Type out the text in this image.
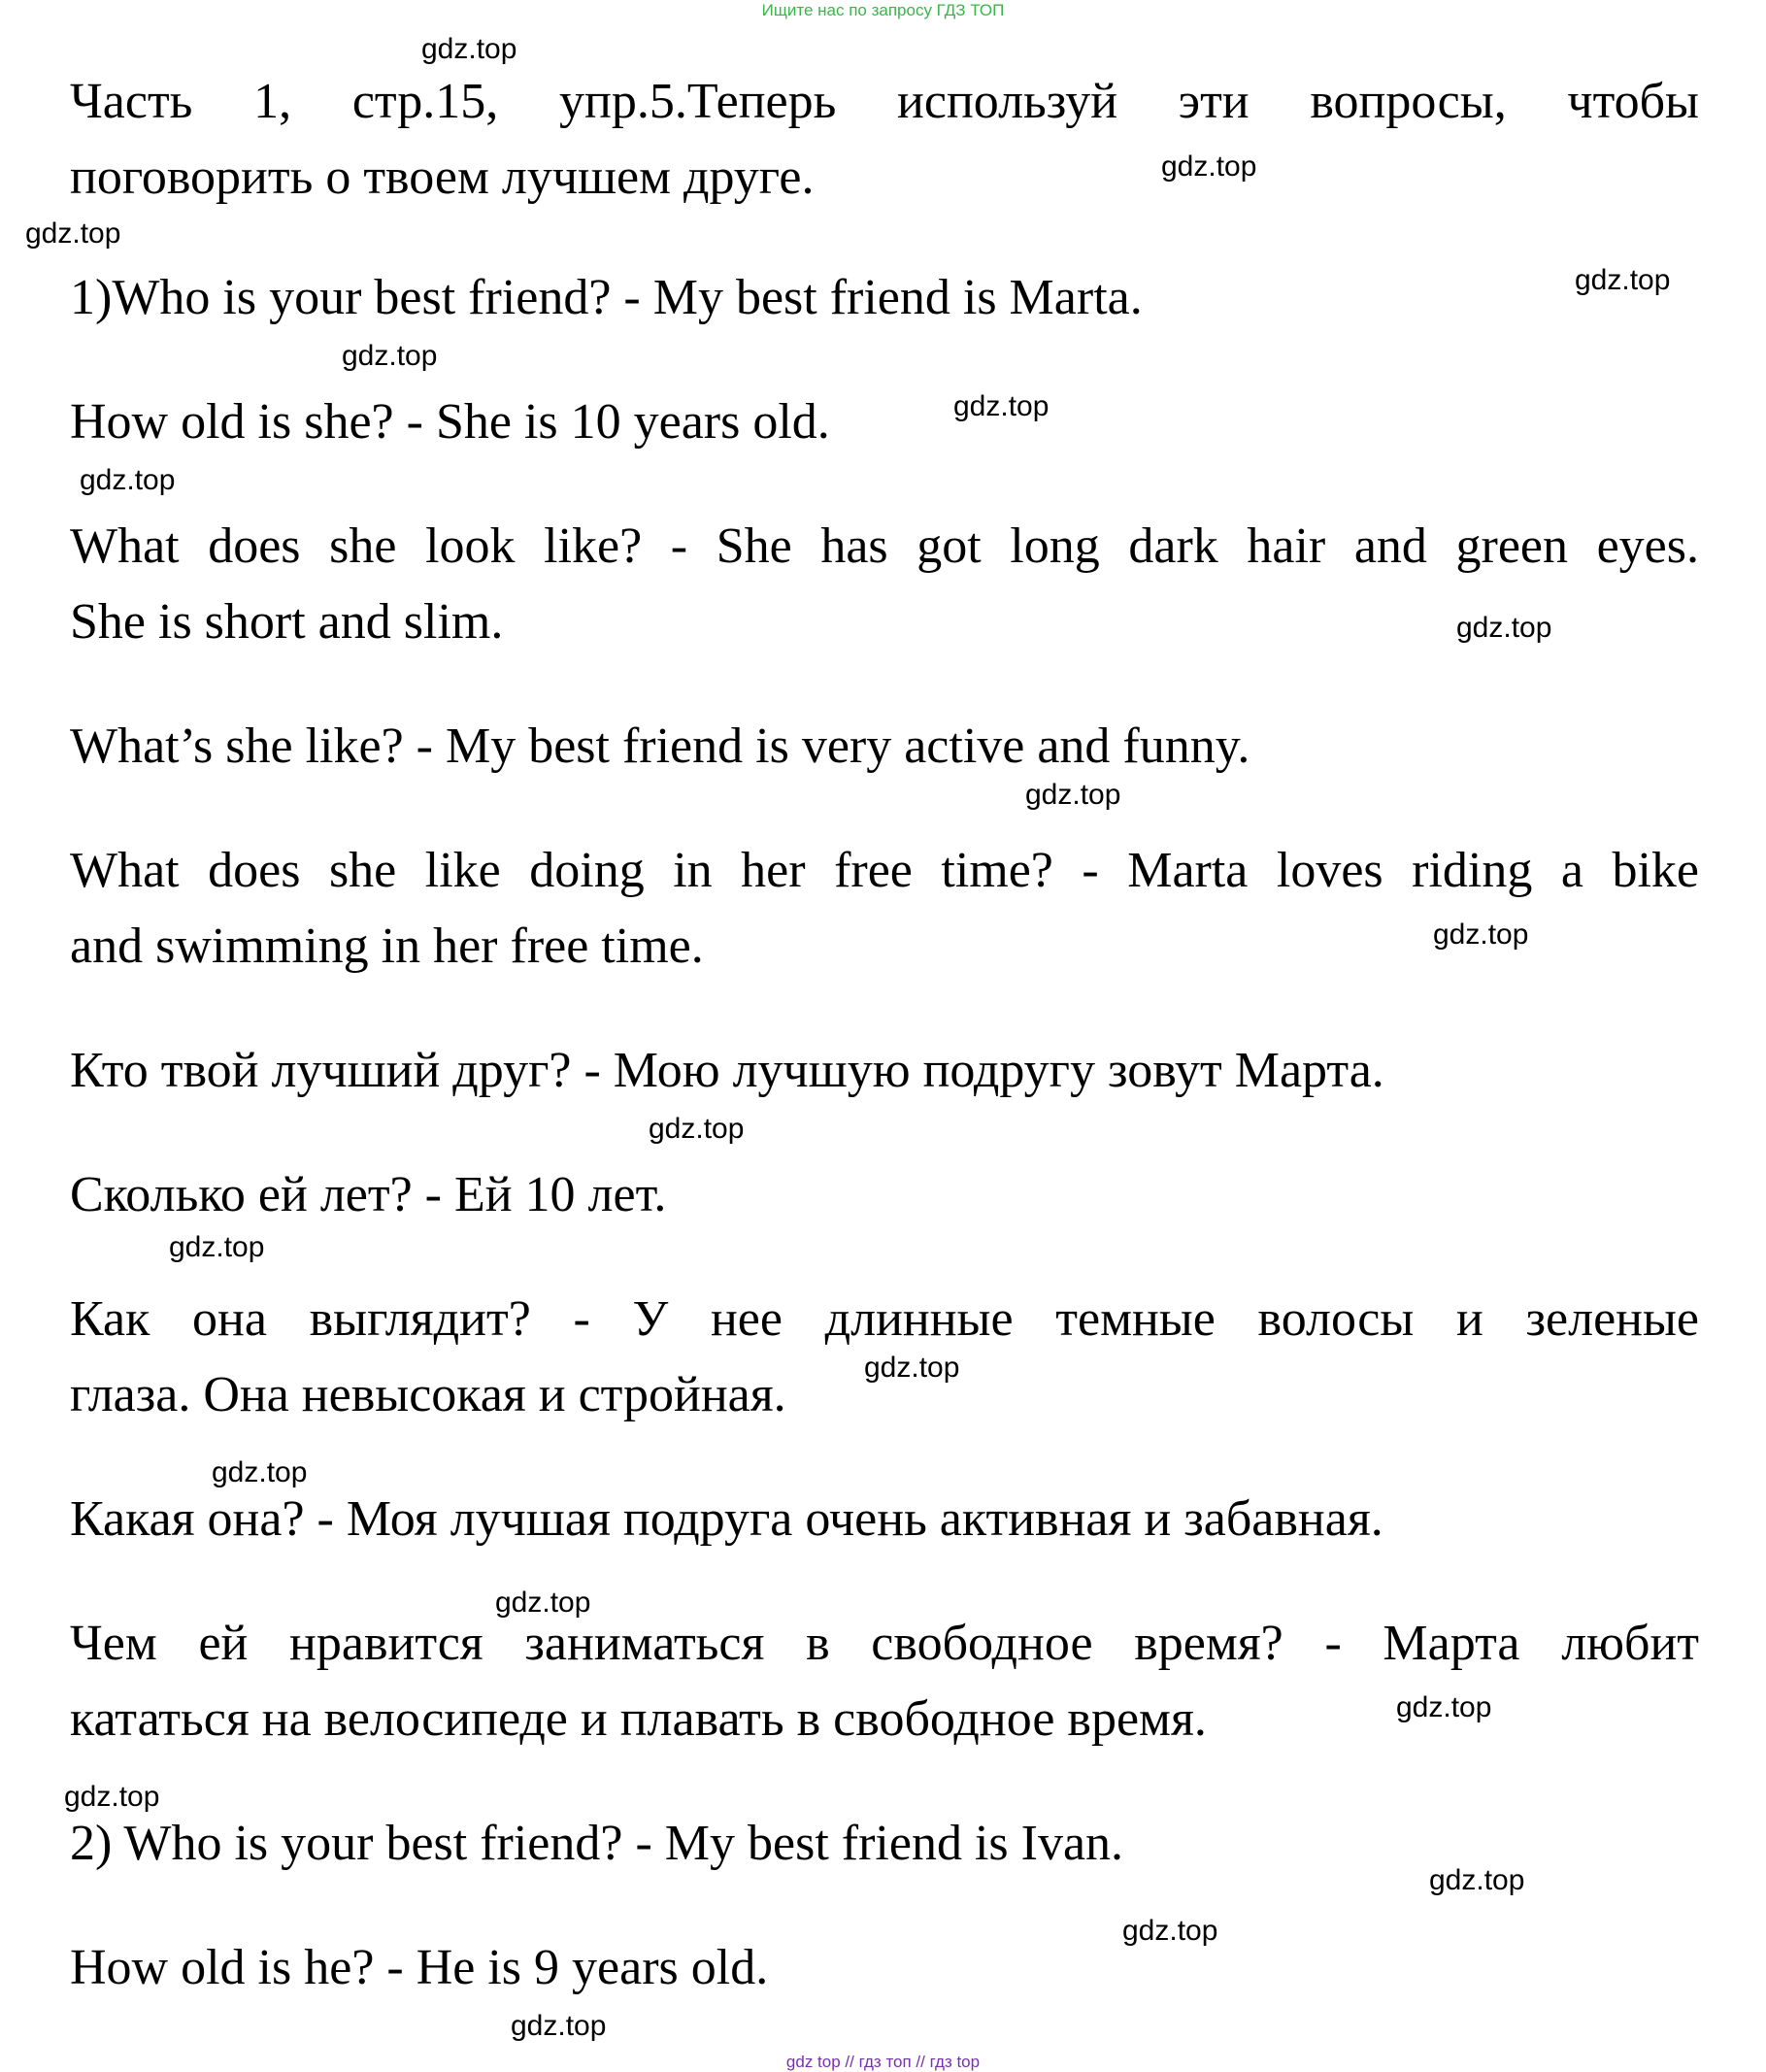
Ищите нас по запросу ГДЗ ТОП
Часть 1, стр.15, упр.5.Теперь используй эти вопросы, чтобы
поговорить о твоем лучшем друге.
1)Who is your best friend? - My best friend is Marta.
How old is she? - She is 10 years old.
What does she look like? - She has got long dark hair and green eyes.
She is short and slim.
What’s she like? - My best friend is very active and funny.
What does she like doing in her free time? - Marta loves riding a bike
and swimming in her free time.
Кто твой лучший друг? - Мою лучшую подругу зовут Марта.
Сколько ей лет? - Ей 10 лет.
Как она выглядит? - У нее длинные темные волосы и зеленые
глаза. Она невысокая и стройная.
Какая она? - Моя лучшая подруга очень активная и забавная.
Чем ей нравится заниматься в свободное время? - Марта любит
кататься на велосипеде и плавать в свободное время.
2) Who is your best friend? - My best friend is Ivan.
How old is he? - He is 9 years old.
gdz.top
gdz.top
gdz.top
gdz.top
gdz.top
gdz.top
gdz.top
gdz.top
gdz.top
gdz.top
gdz.top
gdz.top
gdz.top
gdz.top
gdz.top
gdz.top
gdz.top
gdz.top
gdz.top
gdz.top
gdz top // гдз топ // гдз top
